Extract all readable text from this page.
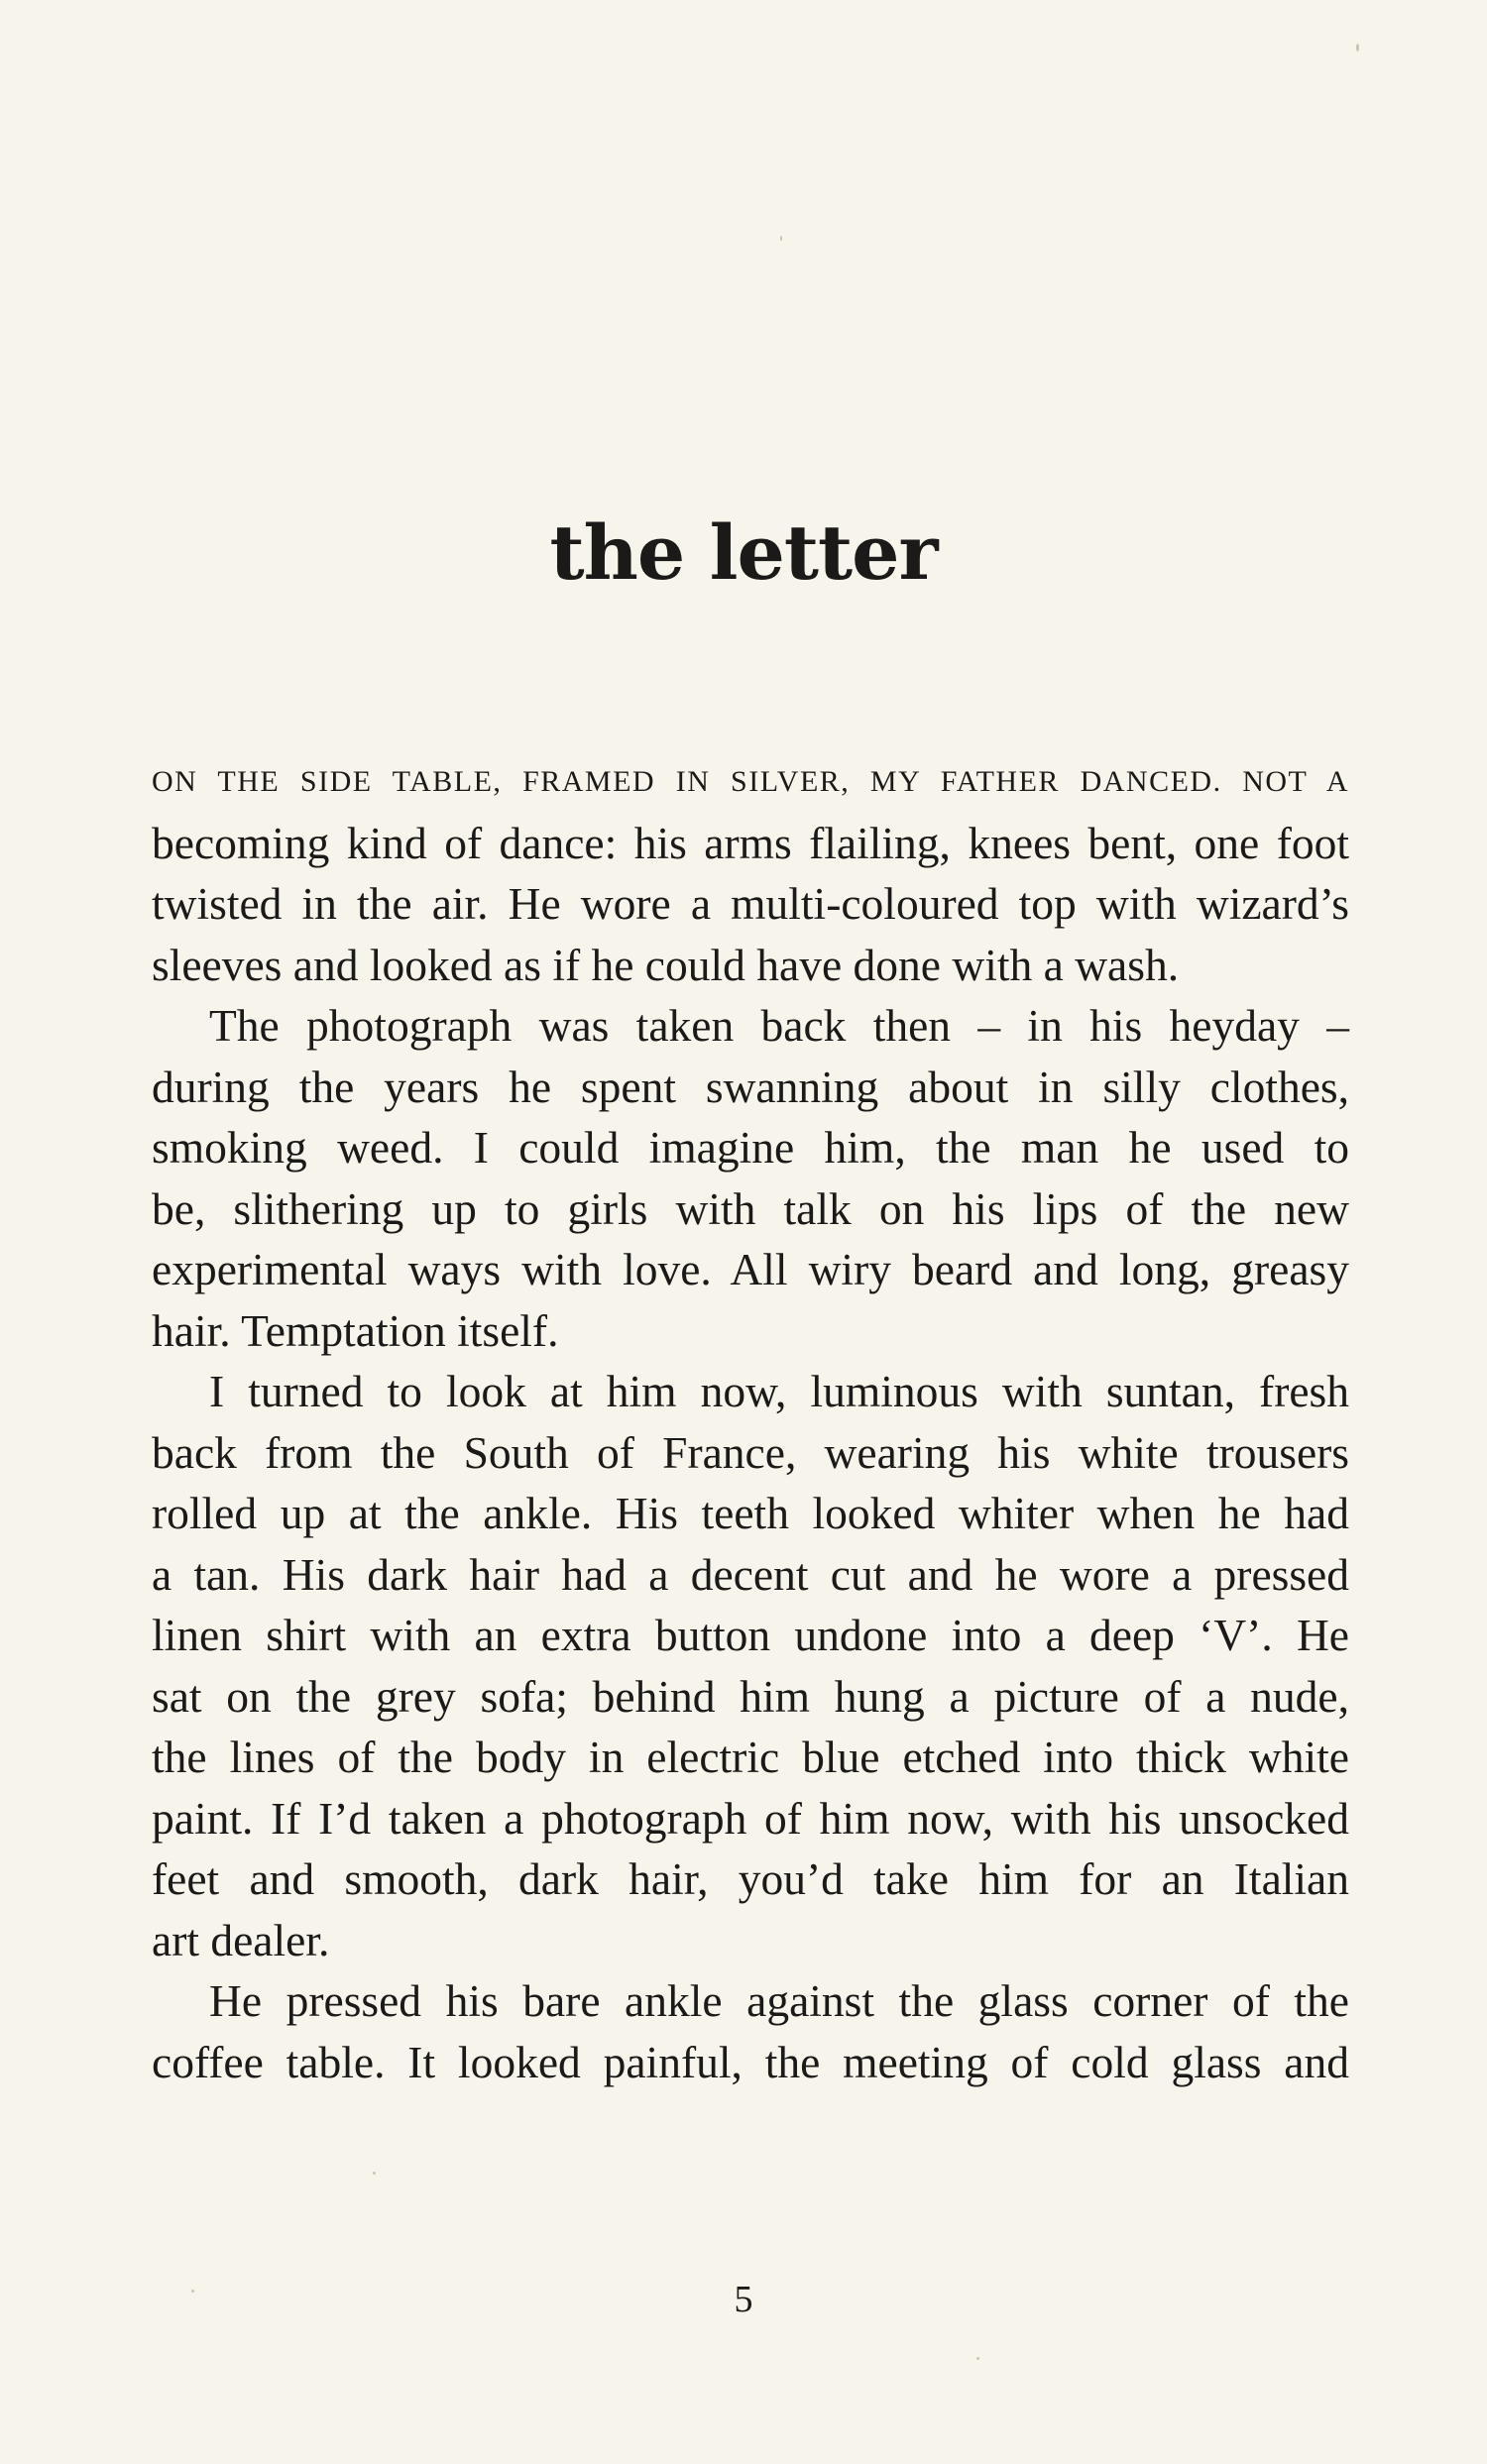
the letter
ON THE SIDE TABLE, FRAMED IN SILVER, MY FATHER DANCED. NOT A
becoming kind of dance: his arms flailing, knees bent, one foot
twisted in the air. He wore a multi-coloured top with wizard’s
sleeves and looked as if he could have done with a wash.
The photograph was taken back then – in his heyday –
during the years he spent swanning about in silly clothes,
smoking weed. I could imagine him, the man he used to
be, slithering up to girls with talk on his lips of the new
experimental ways with love. All wiry beard and long, greasy
hair. Temptation itself.
I turned to look at him now, luminous with suntan, fresh
back from the South of France, wearing his white trousers
rolled up at the ankle. His teeth looked whiter when he had
a tan. His dark hair had a decent cut and he wore a pressed
linen shirt with an extra button undone into a deep ‘V’. He
sat on the grey sofa; behind him hung a picture of a nude,
the lines of the body in electric blue etched into thick white
paint. If I’d taken a photograph of him now, with his unsocked
feet and smooth, dark hair, you’d take him for an Italian
art dealer.
He pressed his bare ankle against the glass corner of the
coffee table. It looked painful, the meeting of cold glass and
5
